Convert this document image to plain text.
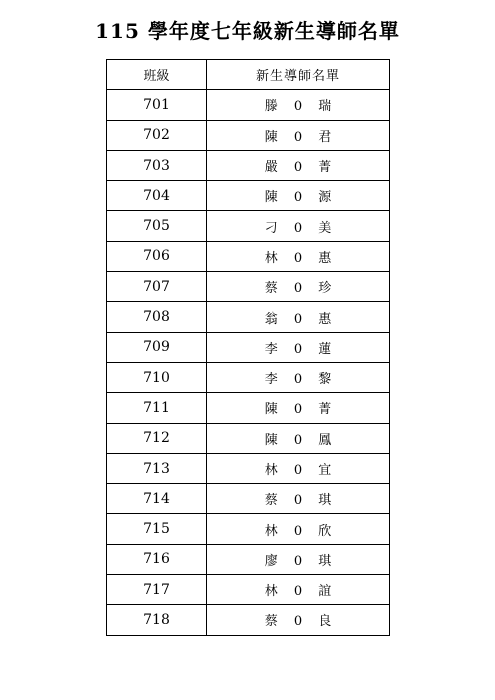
115 學年度七年級新生導師名單
班級	新生導師名單
701	滕 0 瑞
702	陳 0 君
703	嚴 0 菁
704	陳 0 源
705	刁 0 美
706	林 0 惠
707	蔡 0 珍
708	翁 0 惠
709	李 0 蓮
710	李 0 黎
711	陳 0 菁
712	陳 0 鳳
713	林 0 宜
714	蔡 0 琪
715	林 0 欣
716	廖 0 琪
717	林 0 誼
718	蔡 0 良
